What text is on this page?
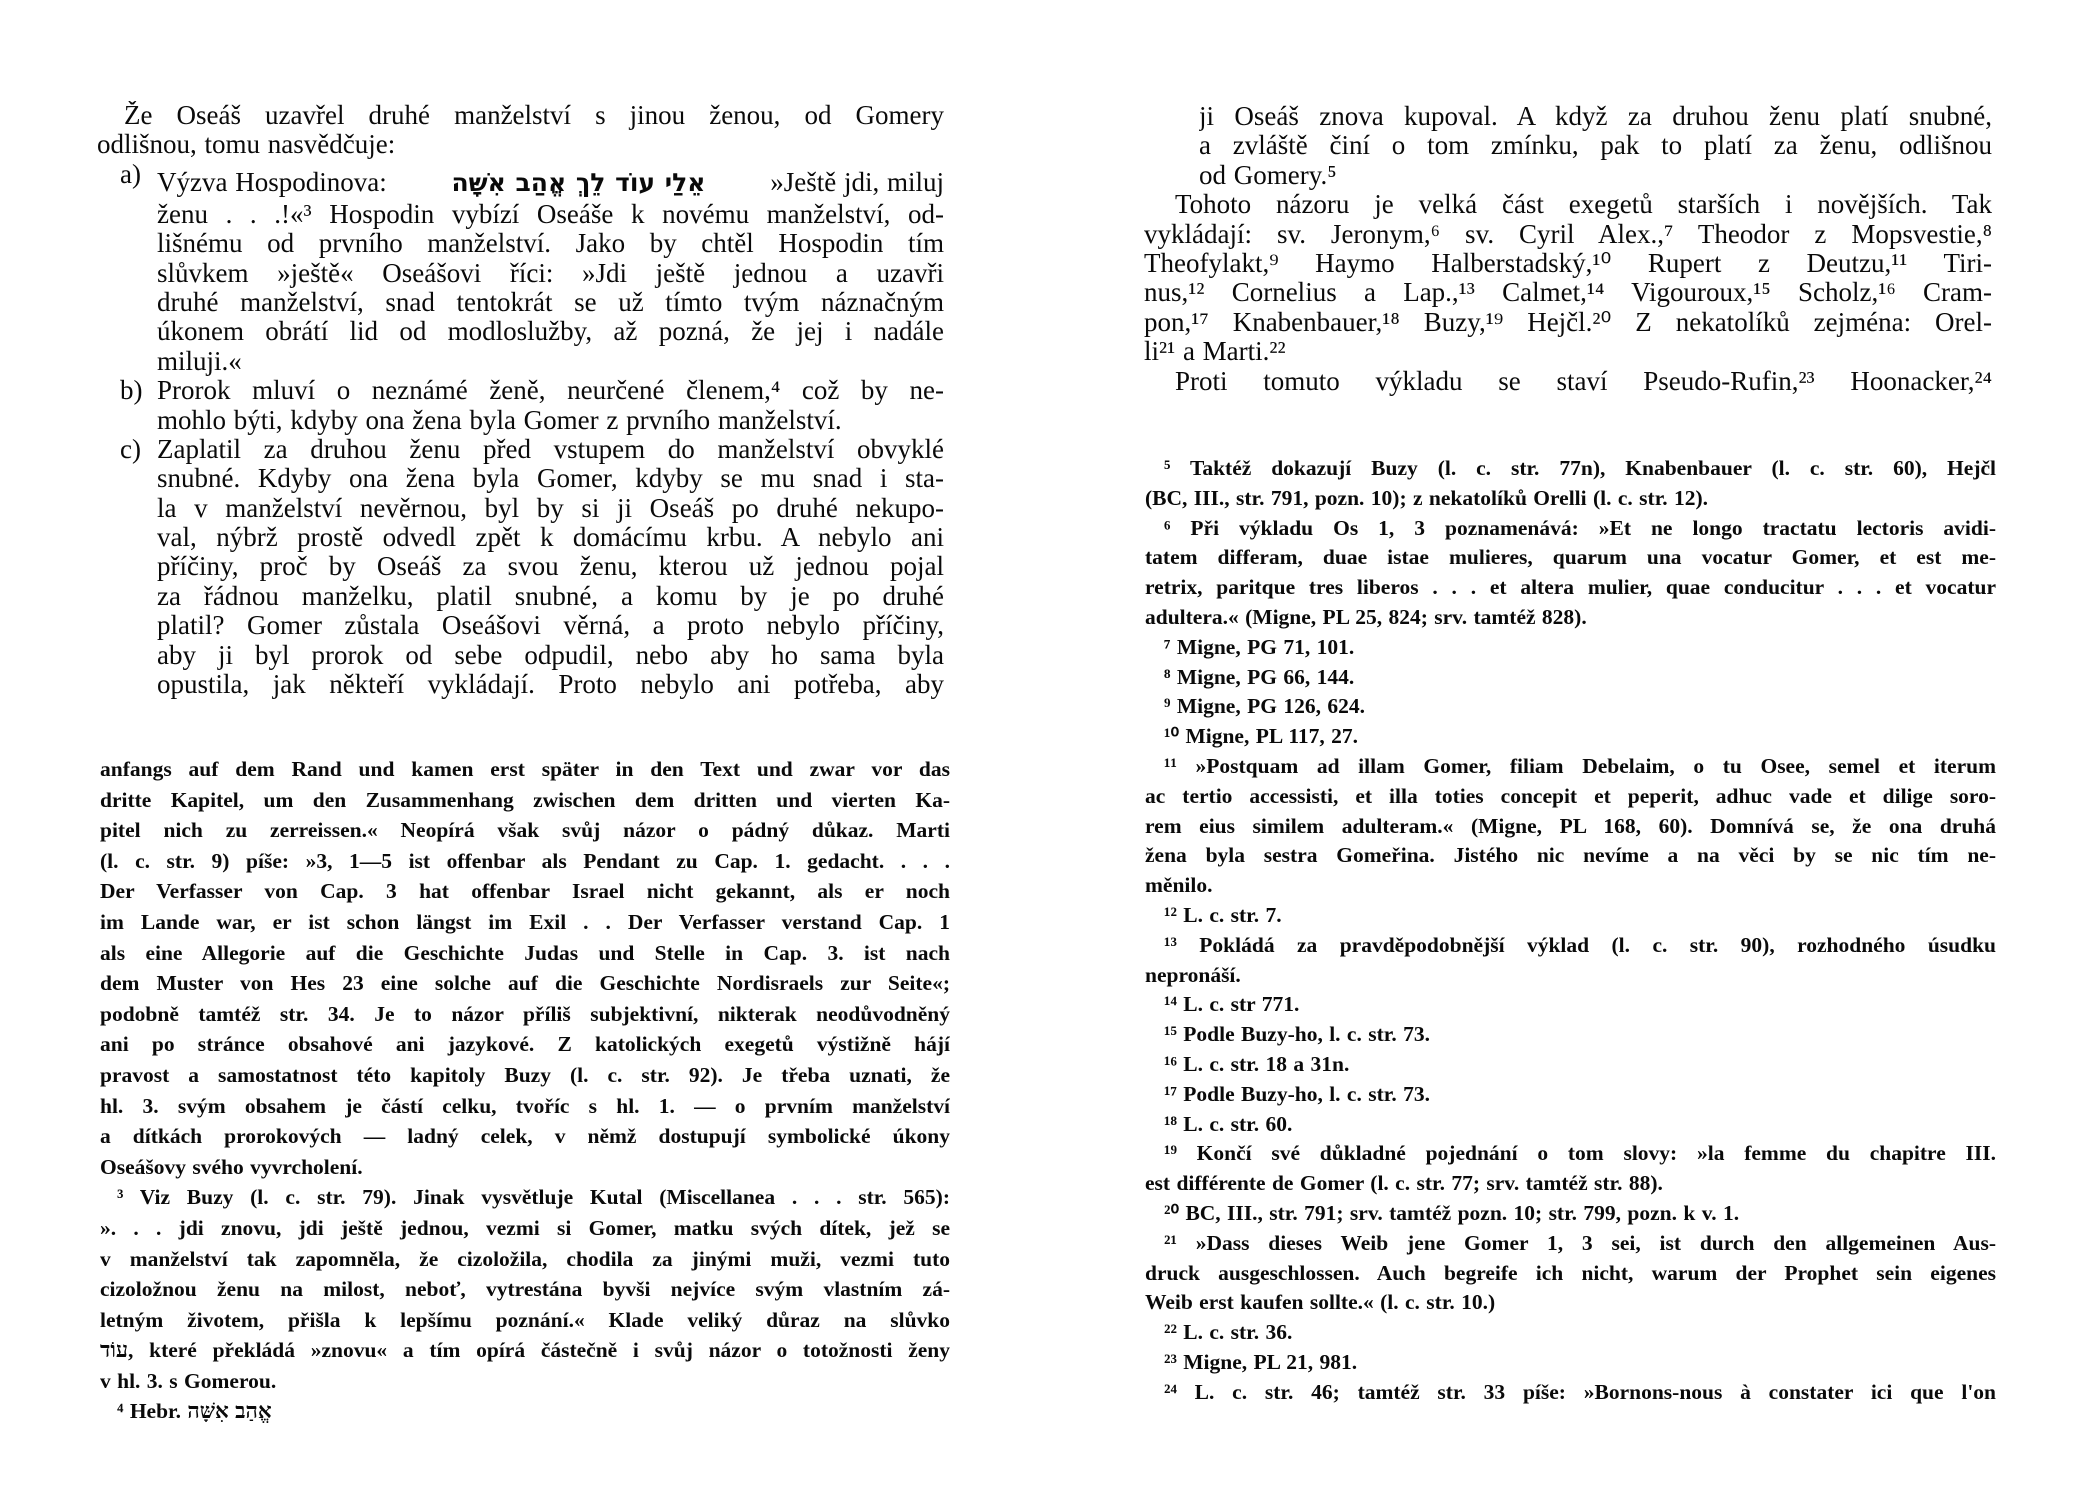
Že Oseáš uzavřel druhé manželství s jinou ženou, od Gomery
odlišnou, tomu nasvědčuje:
a) Výzva Hospodinova:	אֵלַי עוֹד לֵךְ אֱהַב אִשָּׁה »Ještě jdi, miluj
ženu . . .!«³ Hospodin vybízí Oseáše k novému manželství, od-
lišnému od prvního manželství. Jako by chtěl Hospodin tím
slůvkem »ještě« Oseášovi říci: »Jdi ještě jednou a uzavři
druhé manželství, snad tentokrát se už tímto tvým náznačným
úkonem obrátí lid od modloslužby, až pozná, že jej i nadále
miluji.«
b) Prorok mluví o neznámé ženě, neurčené členem,⁴ což by ne-
mohlo býti, kdyby ona žena byla Gomer z prvního manželství.
c) Zaplatil za druhou ženu před vstupem do manželství obvyklé
snubné. Kdyby ona žena byla Gomer, kdyby se mu snad i sta-
la v manželství nevěrnou, byl by si ji Oseáš po druhé nekupo-
val, nýbrž prostě odvedl zpět k domácímu krbu. A nebylo ani
příčiny, proč by Oseáš za svou ženu, kterou už jednou pojal
za řádnou manželku, platil snubné, a komu by je po druhé
platil? Gomer zůstala Oseášovi věrná, a proto nebylo příčiny,
aby ji byl prorok od sebe odpudil, nebo aby ho sama byla
opustila, jak někteří vykládají. Proto nebylo ani potřeba, aby
anfangs auf dem Rand und kamen erst später in den Text und zwar vor das
dritte Kapitel, um den Zusammenhang zwischen dem dritten und vierten Ka-
pitel nich zu zerreissen.« Neopírá však svůj názor o pádný důkaz. Marti
(l. c. str. 9) píše: »3, 1—5 ist offenbar als Pendant zu Cap. 1. gedacht. . . .
Der Verfasser von Cap. 3 hat offenbar Israel nicht gekannt, als er noch
im Lande war, er ist schon längst im Exil . . Der Verfasser verstand Cap. 1
als eine Allegorie auf die Geschichte Judas und Stelle in Cap. 3. ist nach
dem Muster von Hes 23 eine solche auf die Geschichte Nordisraels zur Seite«;
podobně tamtéž str. 34. Je to názor příliš subjektivní, nikterak neodůvodněný
ani po stránce obsahové ani jazykové. Z katolických exegetů výstižně hájí
pravost a samostatnost této kapitoly Buzy (l. c. str. 92). Je třeba uznati, že
hl. 3. svým obsahem je částí celku, tvoříc s hl. 1. — o prvním manželství
a dítkách prorokových — ladný celek, v němž dostupují symbolické úkony
Oseášovy svého vyvrcholení.
³ Viz Buzy (l. c. str. 79). Jinak vysvětluje Kutal (Miscellanea . . . str. 565):
». . . jdi znovu, jdi ještě jednou, vezmi si Gomer, matku svých dítek, jež se
v manželství tak zapomněla, že cizoložila, chodila za jinými muži, vezmi tuto
cizoložnou ženu na milost, neboť, vytrestána byvši nejvíce svým vlastním zá-
letným životem, přišla k lepšímu poznání.« Klade veliký důraz na slůvko
עוֹד, které překládá »znovu« a tím opírá částečně i svůj názor o totožnosti ženy
v hl. 3. s Gomerou.
⁴ Hebr. אֱהַב אִשָּׁה
ji Oseáš znova kupoval. A když za druhou ženu platí snubné,
a zvláště činí o tom zmínku, pak to platí za ženu, odlišnou
od Gomery.⁵
Tohoto názoru je velká část exegetů starších i novějších. Tak
vykládají: sv. Jeronym,⁶ sv. Cyril Alex.,⁷ Theodor z Mopsvestie,⁸
Theofylakt,⁹ Haymo Halberstadský,¹⁰ Rupert z Deutzu,¹¹ Tiri-
nus,¹² Cornelius a Lap.,¹³ Calmet,¹⁴ Vigouroux,¹⁵ Scholz,¹⁶ Cram-
pon,¹⁷ Knabenbauer,¹⁸ Buzy,¹⁹ Hejčl.²⁰ Z nekatolíků zejména: Orel-
li²¹ a Marti.²²
Proti tomuto výkladu se staví Pseudo-Rufin,²³ Hoonacker,²⁴
⁵ Taktéž dokazují Buzy (l. c. str. 77n), Knabenbauer (l. c. str. 60), Hejčl
(BC, III., str. 791, pozn. 10); z nekatolíků Orelli (l. c. str. 12).
⁶ Při výkladu Os 1, 3 poznamenává: »Et ne longo tractatu lectoris avidi-
tatem differam, duae istae mulieres, quarum una vocatur Gomer, et est me-
retrix, paritque tres liberos . . . et altera mulier, quae conducitur . . . et vocatur
adultera.« (Migne, PL 25, 824; srv. tamtéž 828).
⁷ Migne, PG 71, 101.
⁸ Migne, PG 66, 144.
⁹ Migne, PG 126, 624.
¹⁰ Migne, PL 117, 27.
¹¹ »Postquam ad illam Gomer, filiam Debelaim, o tu Osee, semel et iterum
ac tertio accessisti, et illa toties concepit et peperit, adhuc vade et dilige soro-
rem eius similem adulteram.« (Migne, PL 168, 60). Domnívá se, že ona druhá
žena byla sestra Gomeřina. Jistého nic nevíme a na věci by se nic tím ne-
měnilo.
¹² L. c. str. 7.
¹³ Pokládá za pravděpodobnější výklad (l. c. str. 90), rozhodného úsudku
nepronáší.
¹⁴ L. c. str 771.
¹⁵ Podle Buzy-ho, l. c. str. 73.
¹⁶ L. c. str. 18 a 31n.
¹⁷ Podle Buzy-ho, l. c. str. 73.
¹⁸ L. c. str. 60.
¹⁹ Končí své důkladné pojednání o tom slovy: »la femme du chapitre III.
est différente de Gomer (l. c. str. 77; srv. tamtéž str. 88).
²⁰ BC, III., str. 791; srv. tamtéž pozn. 10; str. 799, pozn. k v. 1.
²¹ »Dass dieses Weib jene Gomer 1, 3 sei, ist durch den allgemeinen Aus-
druck ausgeschlossen. Auch begreife ich nicht, warum der Prophet sein eigenes
Weib erst kaufen sollte.« (l. c. str. 10.)
²² L. c. str. 36.
²³ Migne, PL 21, 981.
²⁴ L. c. str. 46; tamtéž str. 33 píše: »Bornons-nous à constater ici que l'on
